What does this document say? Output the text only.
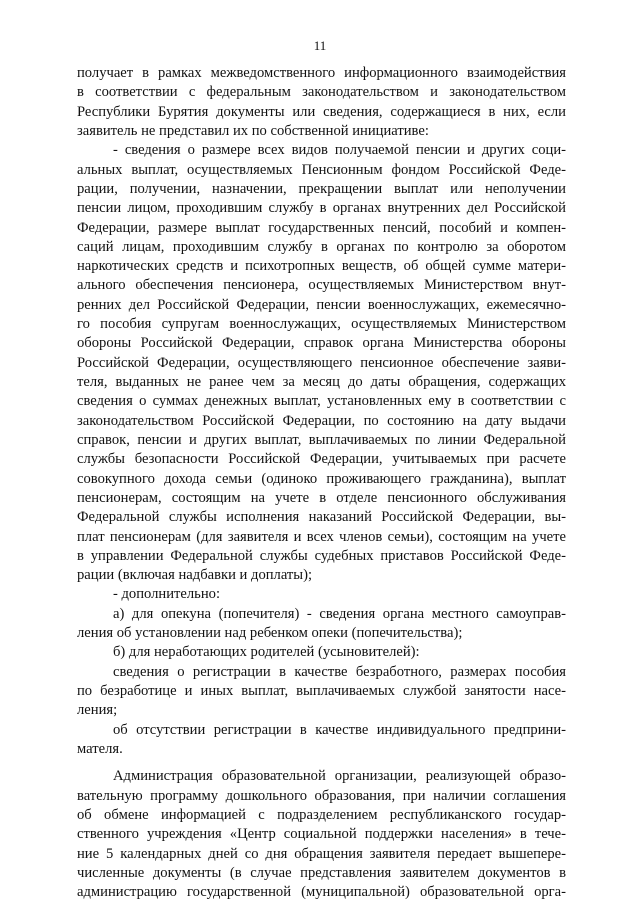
11
получает в рамках межведомственного информационного взаимодействия
в соответствии с федеральным законодательством и законодательством
Республики Бурятия документы или сведения, содержащиеся в них, если
заявитель не представил их по собственной инициативе:
- сведения о размере всех видов получаемой пенсии и других соци-
альных выплат, осуществляемых Пенсионным фондом Российской Феде-
рации, получении, назначении, прекращении выплат или неполучении
пенсии лицом, проходившим службу в органах внутренних дел Российской
Федерации, размере выплат государственных пенсий, пособий и компен-
саций лицам, проходившим службу в органах по контролю за оборотом
наркотических средств и психотропных веществ, об общей сумме матери-
ального обеспечения пенсионера, осуществляемых Министерством внут-
ренних дел Российской Федерации, пенсии военнослужащих, ежемесячно-
го пособия супругам военнослужащих, осуществляемых Министерством
обороны Российской Федерации, справок органа Министерства обороны
Российской Федерации, осуществляющего пенсионное обеспечение заяви-
теля, выданных не ранее чем за месяц до даты обращения, содержащих
сведения о суммах денежных выплат, установленных ему в соответствии с
законодательством Российской Федерации, по состоянию на дату выдачи
справок, пенсии и других выплат, выплачиваемых по линии Федеральной
службы безопасности Российской Федерации, учитываемых при расчете
совокупного дохода семьи (одиноко проживающего гражданина), выплат
пенсионерам, состоящим на учете в отделе пенсионного обслуживания
Федеральной службы исполнения наказаний Российской Федерации, вы-
плат пенсионерам (для заявителя и всех членов семьи), состоящим на учете
в управлении Федеральной службы судебных приставов Российской Феде-
рации (включая надбавки и доплаты);
- дополнительно:
а) для опекуна (попечителя) - сведения органа местного самоуправ-
ления об установлении над ребенком опеки (попечительства);
б) для неработающих родителей (усыновителей):
сведения о регистрации в качестве безработного, размерах пособия
по безработице и иных выплат, выплачиваемых службой занятости насе-
ления;
об отсутствии регистрации в качестве индивидуального предприни-
мателя.
Администрация образовательной организации, реализующей образо-
вательную программу дошкольного образования, при наличии соглашения
об обмене информацией с подразделением республиканского государ-
ственного учреждения «Центр социальной поддержки населения» в тече-
ние 5 календарных дней со дня обращения заявителя передает вышепере-
численные документы (в случае представления заявителем документов в
администрацию государственной (муниципальной) образовательной орга-
